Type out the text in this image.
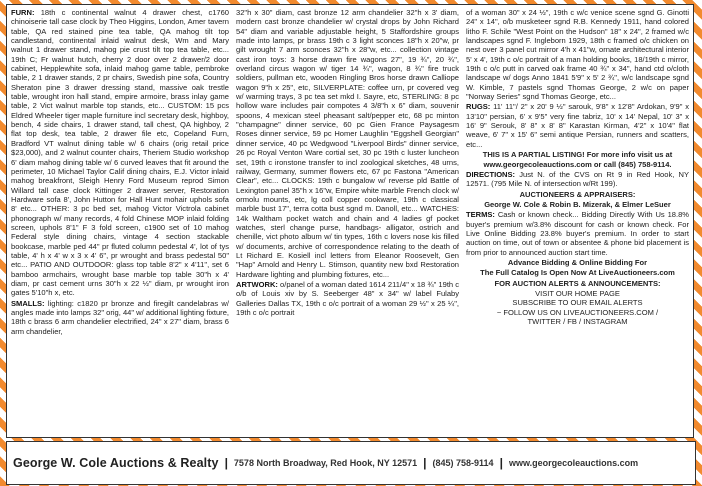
FURN: 18th c continental walnut 4 drawer chest, c1760 chinoiserie tall case clock by Theo Higgins, London, Amer tavern table, QA red stained pine tea table, QA mahog tilt top candlestand, continental inlaid walnut desk, Wm and Mary walnut 1 drawer stand, mahog pie crust tilt top tea table, etc... 19th C; Fr walnut hutch, cherry 2 door over 2 drawer/2 door cabinet, Hepplewhite sofa, inlaid mahog game table, pembroke table, 2 1 drawer stands, 2 pr chairs, Swedish pine sofa, Country Sheraton pine 3 drawer dressing stand, massive oak trestle table, wrought iron hall stand, empire armoire, brass inlay game table, 2 Vict walnut marble top stands, etc... CUSTOM: 15 pcs Eldred Wheeler tiger maple furniture incl secretary desk, highboy, bench, 4 side chairs, 1 drawer stand, tall chest, QA highboy, 2 flat top desk, tea table, 2 drawer file etc, Copeland Furn, Bradford VT walnut dining table w/ 6 chairs (orig retail price $23,000), and 2 walnut counter chairs, Theriem Studio workshop 6' diam mahog dining table w/ 6 curved leaves that fit around the perimeter, 10 Michael Taylor Calif dining chairs, E.J. Victor inlaid mahog breakfront, Sleigh Henry Ford Museum reprod Simon Willard tall case clock Kittinger 2 drawer server, Restoration Hardware sofa 8', John Hutton for Hall Hunt mohair uphols sofa 8' etc... OTHER: 3 pc bed set, mahog Victor Victrola cabinet phonograph w/ many records, 4 fold Chinese MOP inlaid folding screen, uphols 8'1" F 3 fold screen, c1900 set of 10 mahog Federal style dining chairs, vintage 4 section stackable bookcase, marble ped 44" pr fluted column pedestal 4', lot of tys table, 4' h x 4' w x 3 x 4' 6", pr wrought and brass pedestal 50" etc... PATIO AND OUTDOOR: glass top table 8'2" x 4'11", set 6 bamboo armchairs, wrought base marble top table 30"h x 4' diam, pr cast cement urns 30"h x 22 ½" diam, pr wrought iron gates 5'10"h x, etc.

SMALLS: lighting: c1820 pr bronze and firegilt candelabras w/ angles made into lamps 32" orig, 44" w/ additional lighting fixture, 18th c brass 6 arm chandelier electrified, 24" x 27" diam, brass 6 arm chandelier,

32"h x 30" diam, cast bronze 12 arm chandelier 32"h x 3' diam, modern cast bronze chandelier w/ crystal drops by John Richard 54" diam and variable adjustable height, 5 Staffordshire groups made into lamps, pr brass 19th c 3 light sconces 18"h x 20"w, pr gilt wrought 7 arm sconces 32"h x 28"w, etc... collection vintage cast iron toys: 3 horse drawn fire wagons 27", 19 ¾", 20 ¾", overland circus wagon w/ tiger 14 ¾", wagon, 8 ¾" fire truck soldiers, pullman etc, wooden Ringling Bros horse drawn Calliope wagon 9"h x 25", etc, SILVERPLATE: coffee urn, pr covered veg w/ warming trays, 3 pc tea set mkd I. Sayre, etc, STERLING: 8 pc hollow ware includes pair compotes 4 3/8"h x 6" diam, souvenir spoons, 4 mexican steel pheasant salt/pepper etc, 68 pc minton "champagne" dinner service, 60 pc Gien France Paysagesm Roses dinner service, 59 pc Homer Laughlin "Eggshell Georgian" dinner service, 40 pc Wedgwood "Liverpool Birds" dinner service, 26 pc Royal Venton Ware cortial set, 30 pc 19th c luster luncheon set, 19th c ironstone transfer to incl zoological sketches, 48 urns, railway, Germany, summer flowers etc, 67 pc Fastona "American Clear", etc... CLOCKS: 19th c bungalow w/ reverse pld Battle of Lexington panel 35"h x 16"w, Empire white marble French clock w/ ormolu mounts, etc, lg coll copper cookware, 19th c classical marble bust 17", terra cotta bust sgnd m. Danoll, etc... WATCHES: 14k Waltham pocket watch and chain and 4 ladies gf pocket watches, sterl change purse, handbags- alligator, ostrich and chenille, vict photo album w/ tin types, 16th c lovers nose kis filled w/ documents, archive of correspondence relating to the death of Lt Richard E. Kosiell incl letters from Eleanor Roosevelt, Gen "Hap" Arnold and Henry L. Stimson, quantity new bxd Restoration Hardware lighting and plumbing fixtures, etc...

ARTWORK: o/panel of a woman dated 1614 211/4" x 18 ¾" 19th c o/b of Louis xiv by S. Seeberger 48" x 34" w/ label Fulaby Galleries Dallas TX, 19th c o/c portrait of a woman 29 ½" x 25 ¼", 19th c o/c portrait

of a woman 30" x 24 ½", 19th c w/c venice scene sgnd G. Ginotti 24" x 14", o/b musketeer sgnd R.B. Kennedy 1911, hand colored litho F. Schile "West Point on the Hudson" 18" x 24", 2 framed w/c landscapes sgnd F. Ingleborn 1929, 18th c framed o/c chicken on nest over 3 panel cut mirror 4'h x 41"w, ornate architectural interior 5' x 4', 19th c o/c portrait of a man holding books, 18/19th c mirror, 19th c o/c putt in carved oak frame 40 ¾" x 34", hand ctd o/cloth landscape w/ dogs Anno 1841 5'9" x 5' 2 ¾", w/c landscape sgnd W. Kimble, 7 pastels sgnd Thomas George, 2 w/c on paper "Norway Series" sgnd Thomas George, etc...

RUGS: 11' 11"/ 2" x 20' 9 ½" sarouk, 9'8" x 12'8" Ardokan, 9'9" x 13'10" persian, 6' x 9'5" very fine tabriz, 10' x 14' Nepal, 10' 3" x 16' 9" Serouk, 8' 8" x 8' 8" Karastan Kirman, 4'2" x 10'4" flat weave, 6' 7" x 15' 6" semi antique Persian, runners and scatters, etc...

THIS IS A PARTIAL LISTING! For more info visit us at www.georgecoleauctions.com or call (845) 758-9114.

DIRECTIONS: Just N. of the CVS on Rt 9 in Red Hook, NY 12571. (795 Mile N. of intersection w/Rt 199).

AUCTIONEERS & APPRAISERS:

George W. Cole & Robin B. Mizerak, & Elmer LeSuer

TERMS: Cash or known check... Bidding Directly With Us 18.8% buyer's premium w/3.8% discount for cash or known check. For Live Online Bidding 23.8% buyer's premium. In order to start auction on time, out of town or absentee & phone bid placement is from prior to announced auction start time.

Advance Bidding & Online Bidding For

The Full Catalog Is Open Now At LiveAuctioneers.com

FOR AUCTION ALERTS & ANNOUNCEMENTS:

VISIT OUR HOME PAGE
SUBSCRIBE TO OUR EMAIL ALERTS
~ FOLLOW US ON LIVEAUCTIONEERS.COM /
TWITTER / FB / INSTAGRAM
George W. Cole Auctions & Realty | 7578 North Broadway, Red Hook, NY 12571 | (845) 758-9114 | www.georgecoleauctions.com
